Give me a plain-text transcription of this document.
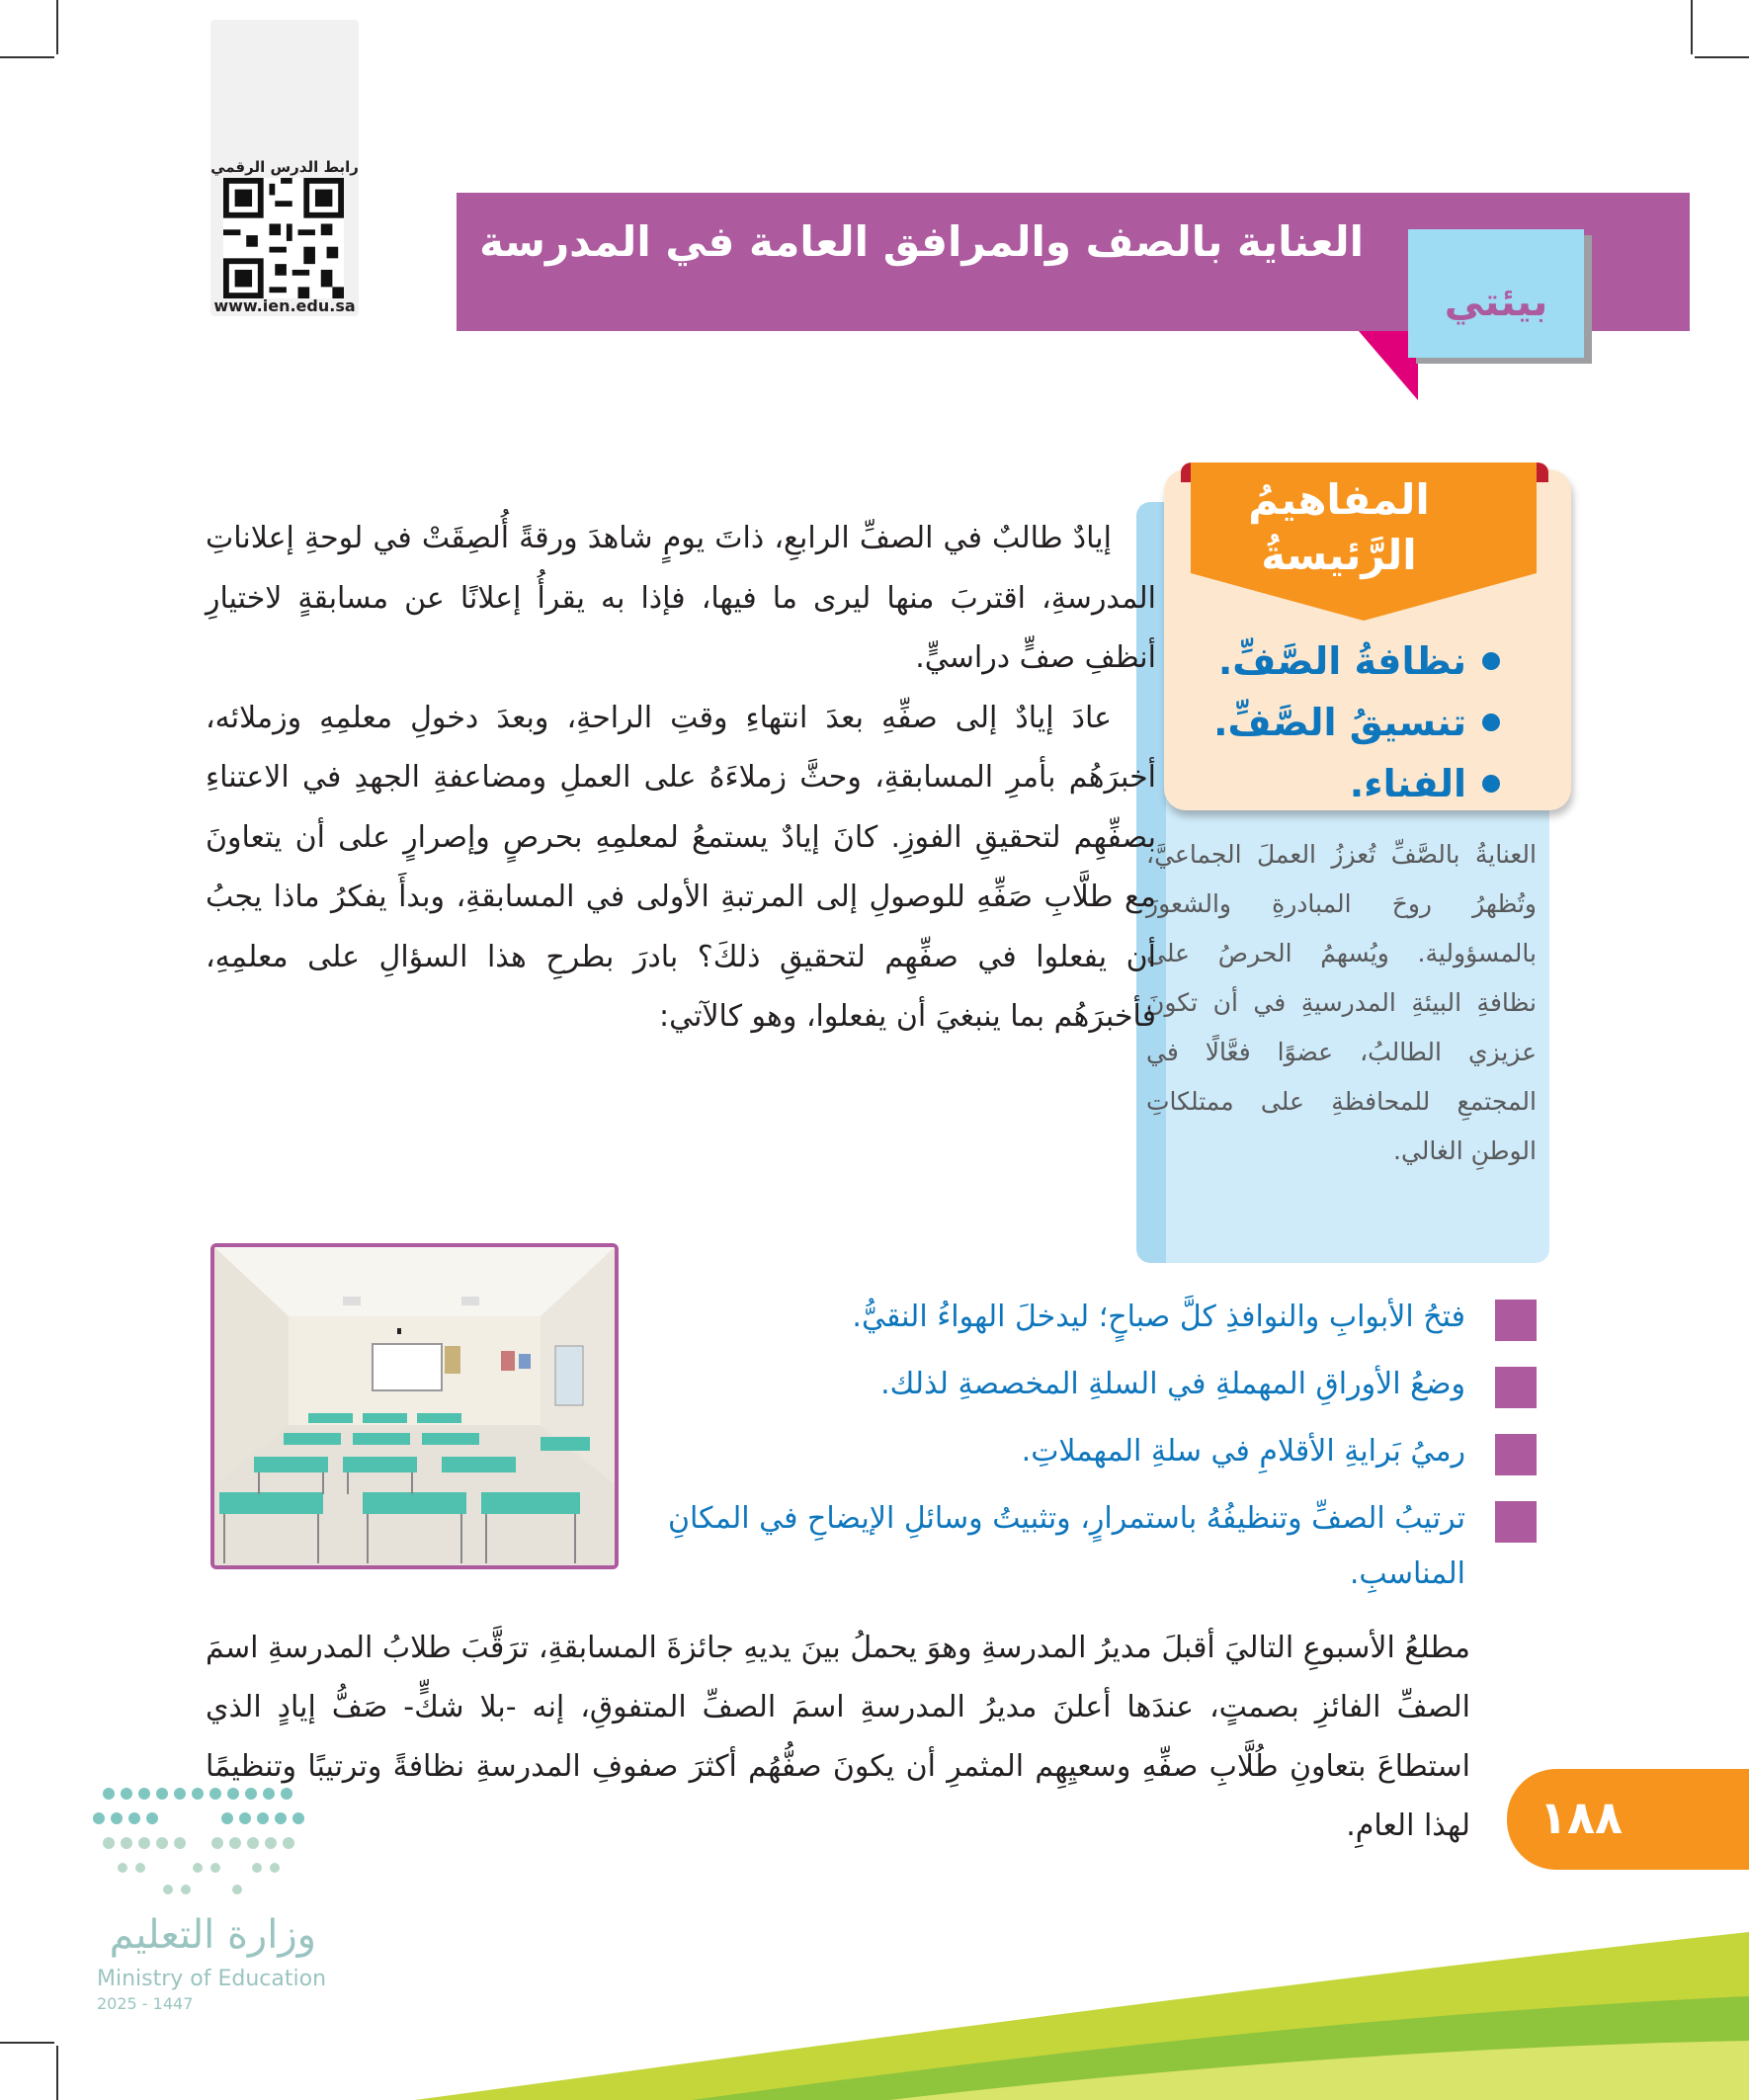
رابط الدرس الرقمي
www.ien.edu.sa
العناية بالصف والمرافق العامة في المدرسة
بيئتي
المفاهيمُ الرَّئيسةُ
نظافةُ الصَّفِّ.
تنسيقُ الصَّفِّ.
الفناء.
العنايةُ بالصَّفِّ تُعززُ العملَ الجماعيَّ، وتُظهرُ روحَ المبادرةِ والشعورَ بالمسؤولية. ويُسهمُ الحرصُ على نظافةِ البيئةِ المدرسيةِ في أن تكونَ عزيزي الطالبُ، عضوًا فعَّالًا في المجتمعِ للمحافظةِ على ممتلكاتِ الوطنِ الغالي.

إيادٌ طالبٌ في الصفِّ الرابعِ، ذاتَ يومٍ شاهدَ ورقةً أُلصِقَتْ في لوحةِ إعلاناتِ المدرسةِ، اقتربَ منها ليرى ما فيها، فإذا به يقرأُ إعلانًا عن مسابقةٍ لاختيارِ أنظفِ صفٍّ دراسيٍّ.

عادَ إيادٌ إلى صفِّهِ بعدَ انتهاءِ وقتِ الراحةِ، وبعدَ دخولِ معلمِهِ وزملائه، أخبرَهُم بأمرِ المسابقةِ، وحثَّ زملاءَهُ على العملِ ومضاعفةِ الجهدِ في الاعتناءِ بصفِّهِم لتحقيقِ الفوزِ. كانَ إيادٌ يستمعُ لمعلمِهِ بحرصٍ وإصرارٍ على أن يتعاونَ مع طلَّابِ صَفِّهِ للوصولِ إلى المرتبةِ الأولى في المسابقةِ، وبدأَ يفكرُ ماذا يجبُ أن يفعلوا في صفِّهِم لتحقيقِ ذلكَ؟ بادرَ بطرحِ هذا السؤالِ على معلمِهِ، فأخبرَهُم بما ينبغيَ أن يفعلوا، وهو كالآتي:

فتحُ الأبوابِ والنوافذِ كلَّ صباحٍ؛ ليدخلَ الهواءُ النقيُّ.
وضعُ الأوراقِ المهملةِ في السلةِ المخصصةِ لذلك.
رميُ بَرايةِ الأقلامِ في سلةِ المهملاتِ.
ترتيبُ الصفِّ وتنظيفُهُ باستمرارٍ، وتثبيتُ وسائلِ الإيضاحِ في المكانِ المناسبِ.
مطلعُ الأسبوعِ التاليَ أقبلَ مديرُ المدرسةِ وهوَ يحملُ بينَ يديهِ جائزةَ المسابقةِ، ترَقَّبَ طلابُ المدرسةِ اسمَ الصفِّ الفائزِ بصمتٍ، عندَها أعلنَ مديرُ المدرسةِ اسمَ الصفِّ المتفوقِ، إنه -بلا شكٍّ- صَفُّ إيادٍ الذي استطاعَ بتعاونِ طُلَّابِ صفِّهِ وسعيِهِم المثمرِ أن يكونَ صفُّهُم أكثرَ صفوفِ المدرسةِ نظافةً وترتيبًا وتنظيمًا لهذا العامِ.	١٨٨
وزارة التعليم
Ministry of Education
2025 - 1447
